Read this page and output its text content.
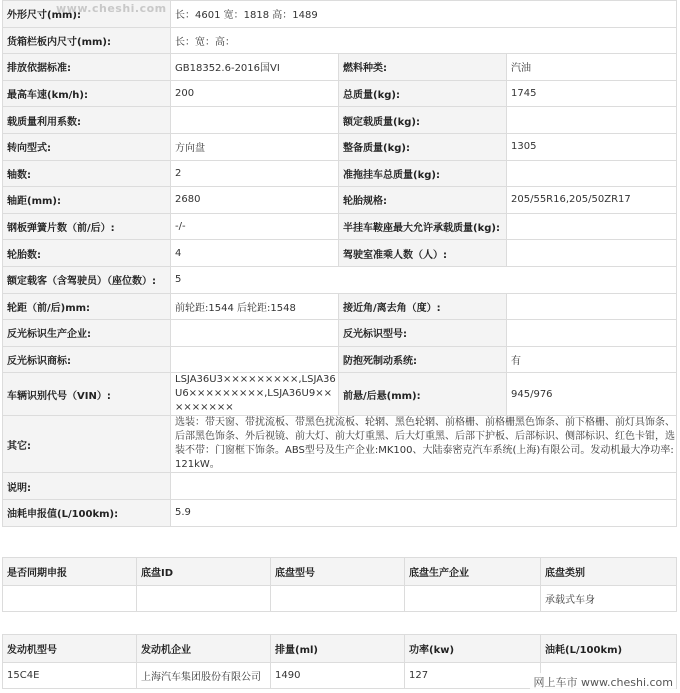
外形尺寸(mm):	长：4601 宽：1818 高：1489		
货箱栏板内尺寸(mm):	长：宽：高：		
排放依据标准:	GB18352.6-2016国VI	燃料种类:	汽油
最高车速(km/h):	200	总质量(kg):	1745
载质量利用系数:		额定载质量(kg):	
转向型式:	方向盘	整备质量(kg):	1305
轴数:	2	准拖挂车总质量(kg):	
轴距(mm):	2680	轮胎规格:	205/55R16,205/50ZR17
钢板弹簧片数（前/后）:	-/-	半挂车鞍座最大允许承载质量(kg):	
轮胎数:	4	驾驶室准乘人数（人）:	
额定载客（含驾驶员）（座位数）:	5		
轮距（前/后)mm:	前轮距:1544 后轮距:1548	接近角/离去角（度）:	
反光标识生产企业:		反光标识型号:	
反光标识商标:		防抱死制动系统:	有
车辆识别代号（VIN）:	LSJA36U3×××××××××,LSJA36U6×××××××××,LSJA36U9×××××××××	前悬/后悬(mm):	945/976
其它:	选装：带天窗、带扰流板、带黑色扰流板、轮辋、黑色轮辋、前格栅、前格栅黑色饰条、前下格栅、前灯具饰条、后部黑色饰条、外后视镜、前大灯、前大灯重黑、后大灯重黑、后部下护板、后部标识、侧部标识、红色卡钳，选装不带：门窗框下饰条。ABS型号及生产企业:MK100、大陆泰密克汽车系统(上海)有限公司。发动机最大净功率:121kW。		
说明:			
油耗申报值(L/100km):	5.9		
是否同期申报	底盘ID	底盘型号	底盘生产企业	底盘类别
				承载式车身
发动机型号	发动机企业	排量(ml)	功率(kw)	油耗(L/100km)
15C4E	上海汽车集团股份有限公司	1490	127	
www.cheshi.com
网上车市 www.cheshi.com
